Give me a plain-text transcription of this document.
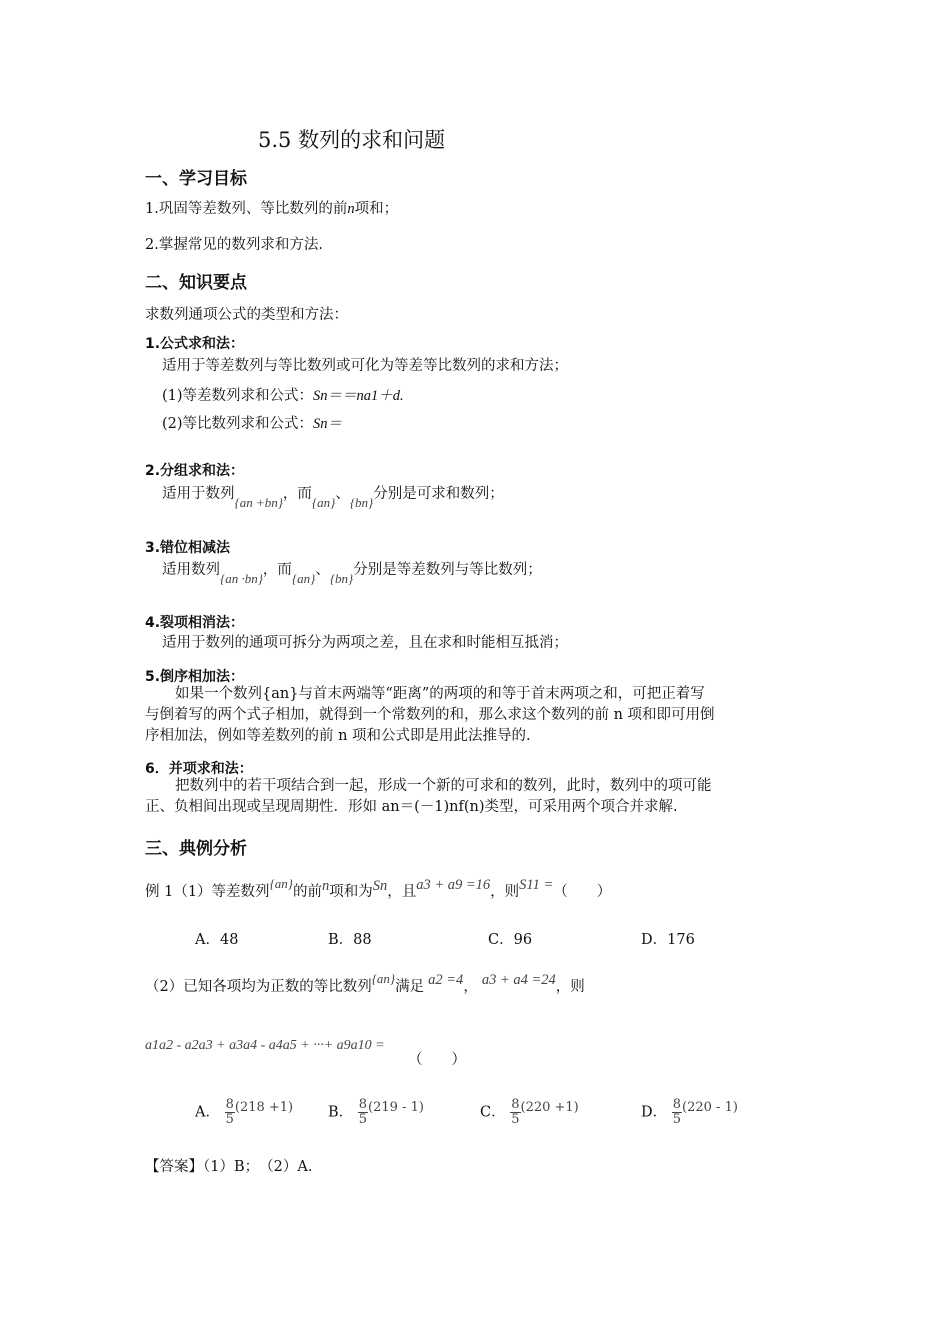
5.5 数列的求和问题
一、学习目标
1.巩固等差数列、等比数列的前n项和；
2.掌握常见的数列求和方法.
二、知识要点
求数列通项公式的类型和方法：
1.公式求和法：
适用于等差数列与等比数列或可化为等差等比数列的求和方法；
(1)等差数列求和公式：Sn＝＝na1＋d.
(2)等比数列求和公式：Sn＝
2.分组求和法：
适用于数列{an +bn}，而{an}、{bn}分别是可求和数列；
3.错位相减法
适用数列{an ·bn}，而{an}、{bn}分别是等差数列与等比数列；
4.裂项相消法：
适用于数列的通项可拆分为两项之差，且在求和时能相互抵消；
5.倒序相加法：
如果一个数列{an}与首末两端等“距离”的两项的和等于首末两项之和，可把正着写
与倒着写的两个式子相加，就得到一个常数列的和，那么求这个数列的前 n 项和即可用倒
序相加法，例如等差数列的前 n 项和公式即是用此法推导的.
6．并项求和法：
把数列中的若干项结合到一起，形成一个新的可求和的数列，此时，数列中的项可能
正、负相间出现或呈现周期性．形如 an＝(－1)nf(n)类型，可采用两个项合并求解.
三、典例分析
例 1（1）等差数列{an}的前n项和为Sn，且a3 + a9 =16，则S11 =（　　）
A．48	B．88	C．96	D．176
（2）已知各项均为正数的等比数列{an}满足 a2 =4， a3 + a4 =24，则
a1a2 - a2a3 + a3a4 - a4a5 + ···+ a9a10 =
（　　）
A． $\frac{8}{5} (218 +1)$ B． $\frac{8}{5} (219 - 1)$	C． $\frac{8}{5} (220 +1)$	D． $\frac{8}{5} (220 - 1)$
【答案】（1）B；　（2）A.
